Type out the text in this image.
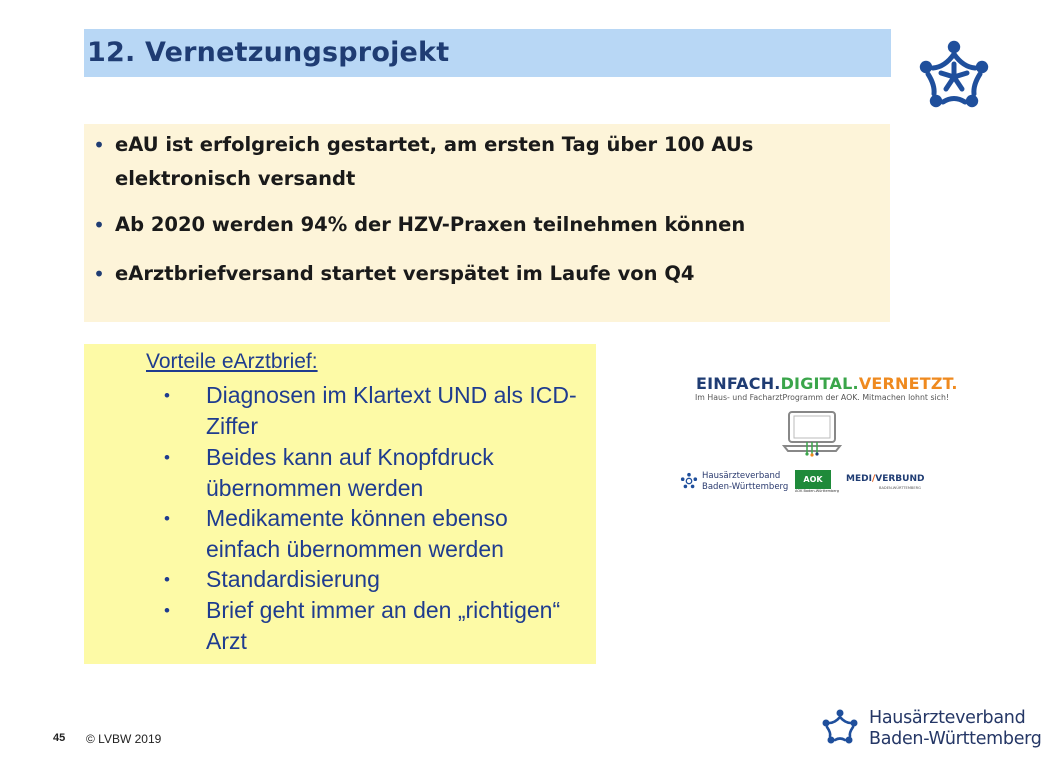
12. Vernetzungsprojekt
• eAU ist erfolgreich gestartet, am ersten Tag über 100 AUs elektronisch versandt
• Ab 2020 werden 94% der HZV-Praxen teilnehmen können
• eArztbriefversand startet verspätet im Laufe von Q4
Vorteile eArztbrief:
•	Diagnosen im Klartext UND als ICD-Ziffer
•	Beides kann auf Knopfdruck übernommen werden
•	Medikamente können ebenso einfach übernommen werden
•	Standardisierung
•	Brief geht immer an den „richtigen“ Arzt
EINFACH.DIGITAL.VERNETZT.
Im Haus- und FacharztProgramm der AOK. Mitmachen lohnt sich!
Hausärzteverband
Baden-Württemberg
AOK
AOK Baden-Württemberg
MEDI/VERBUND
BADEN-WÜRTTEMBERG
45 © LVBW 2019
Hausärzteverband
Baden-Württemberg
